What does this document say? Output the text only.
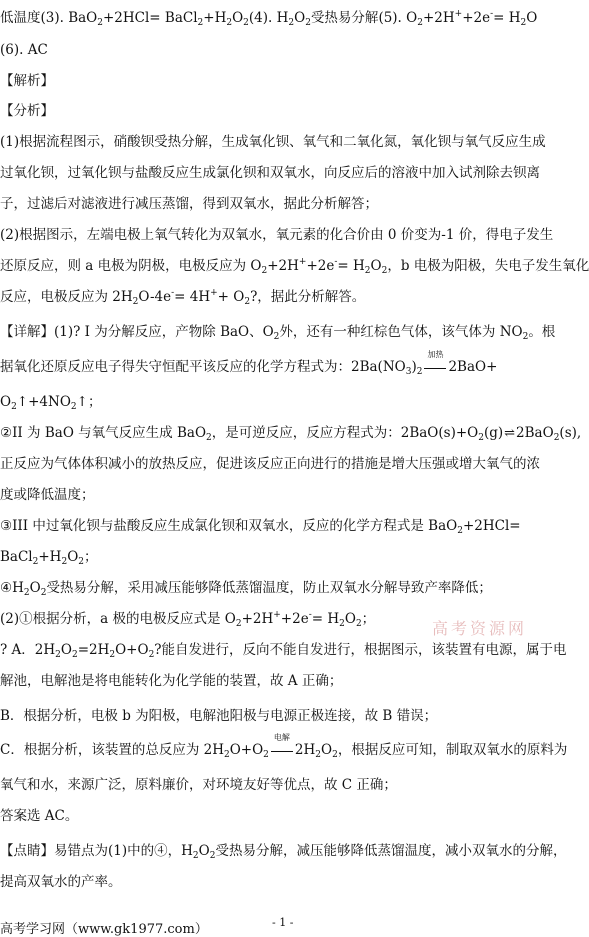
低温度(3). $BaO_2+2HCl= BaCl_2+H_2O_2(4)$. $H_2O_2$受热易分解(5). $O_2+2H^++2e^-= H_2O$
(6). AC
【解析】
【分析】
(1)根据流程图示，硝酸钡受热分解，生成氧化钡、氧气和二氧化氮，氧化钡与氧气反应生成
过氧化钡，过氧化钡与盐酸反应生成氯化钡和双氧水，向反应后的溶液中加入试剂除去钡离
子，过滤后对滤液进行减压蒸馏，得到双氧水，据此分析解答；
(2)根据图示，左端电极上氧气转化为双氧水，氧元素的化合价由 0 价变为-1 价，得电子发生
还原反应，则 a 电极为阴极，电极反应为 $O_2+2H^++2e^-= H_2O_2$，b 电极为阳极，失电子发生氧化
反应，电极反应为 $2H_2O-4e^-= 4H^++ O_2$?，据此分析解答。
【详解】(1)? I 为分解反应，产物除 BaO、$O_2$外，还有一种红棕色气体，该气体为 $NO_2$。根
据氧化还原反应电子得失守恒配平该反应的化学方程式为：$2Ba(NO_3)_2$
加热
2BaO+
$O_2↑+4NO_2↑$；
②II 为 BaO 与氧气反应生成 BaO$_2$，是可逆反应，反应方程式为：$2BaO(s)+O_2(g)\rightleftharpoons 2BaO_2(s)$,
正反应为气体体积减小的放热反应，促进该反应正向进行的措施是增大压强或增大氧气的浓
度或降低温度；
③III 中过氧化钡与盐酸反应生成氯化钡和双氧水，反应的化学方程式是 BaO$_2$+2HCl=
$BaCl_2+H_2O_2$；
$④H_2O_2$受热易分解，采用减压能够降低蒸馏温度，防止双氧水分解导致产率降低；
(2)①根据分析，a 极的电极反应式是 $O_2+2H^++2e^-= H_2O_2$；
? A．$2H_2O_2=2H_2O+O_2$?能自发进行，反向不能自发进行，根据图示，该装置有电源，属于电
解池，电解池是将电能转化为化学能的装置，故 A 正确；
B．根据分析，电极 b 为阳极，电解池阳极与电源正极连接，故 B 错误；
C．根据分析，该装置的总反应为 $2H_2O+O_2$
电解
$2H_2O_2$，根据反应可知，制取双氧水的原料为
氧气和水，来源广泛，原料廉价，对环境友好等优点，故 C 正确；
答案选 AC。
【点睛】易错点为(1)中的④，$H_2O_2$受热易分解，减压能够降低蒸馏温度，减小双氧水的分解，
提高双氧水的产率。
高考资源网
高考学习网（www.gk1977.com）	- 1 -
